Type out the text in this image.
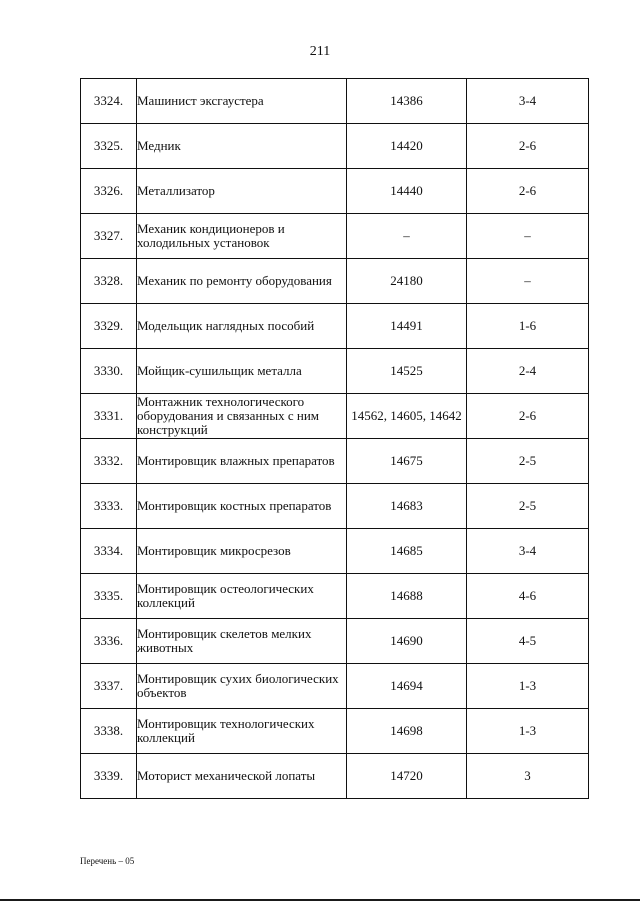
211
3324.	Машинист эксгаустера	14386	3-4
3325.	Медник	14420	2-6
3326.	Металлизатор	14440	2-6
3327.	Механик кондиционеров и холодильных установок	–	–
3328.	Механик по ремонту оборудования	24180	–
3329.	Модельщик наглядных пособий	14491	1-6
3330.	Мойщик-сушильщик металла	14525	2-4
3331.	Монтажник технологического оборудования и связанных с ним конструкций	14562, 14605, 14642	2-6
3332.	Монтировщик влажных препаратов	14675	2-5
3333.	Монтировщик костных препаратов	14683	2-5
3334.	Монтировщик микросрезов	14685	3-4
3335.	Монтировщик остеологических коллекций	14688	4-6
3336.	Монтировщик скелетов мелких животных	14690	4-5
3337.	Монтировщик сухих биологических объектов	14694	1-3
3338.	Монтировщик технологических коллекций	14698	1-3
3339.	Моторист механической лопаты	14720	3
Перечень – 05
